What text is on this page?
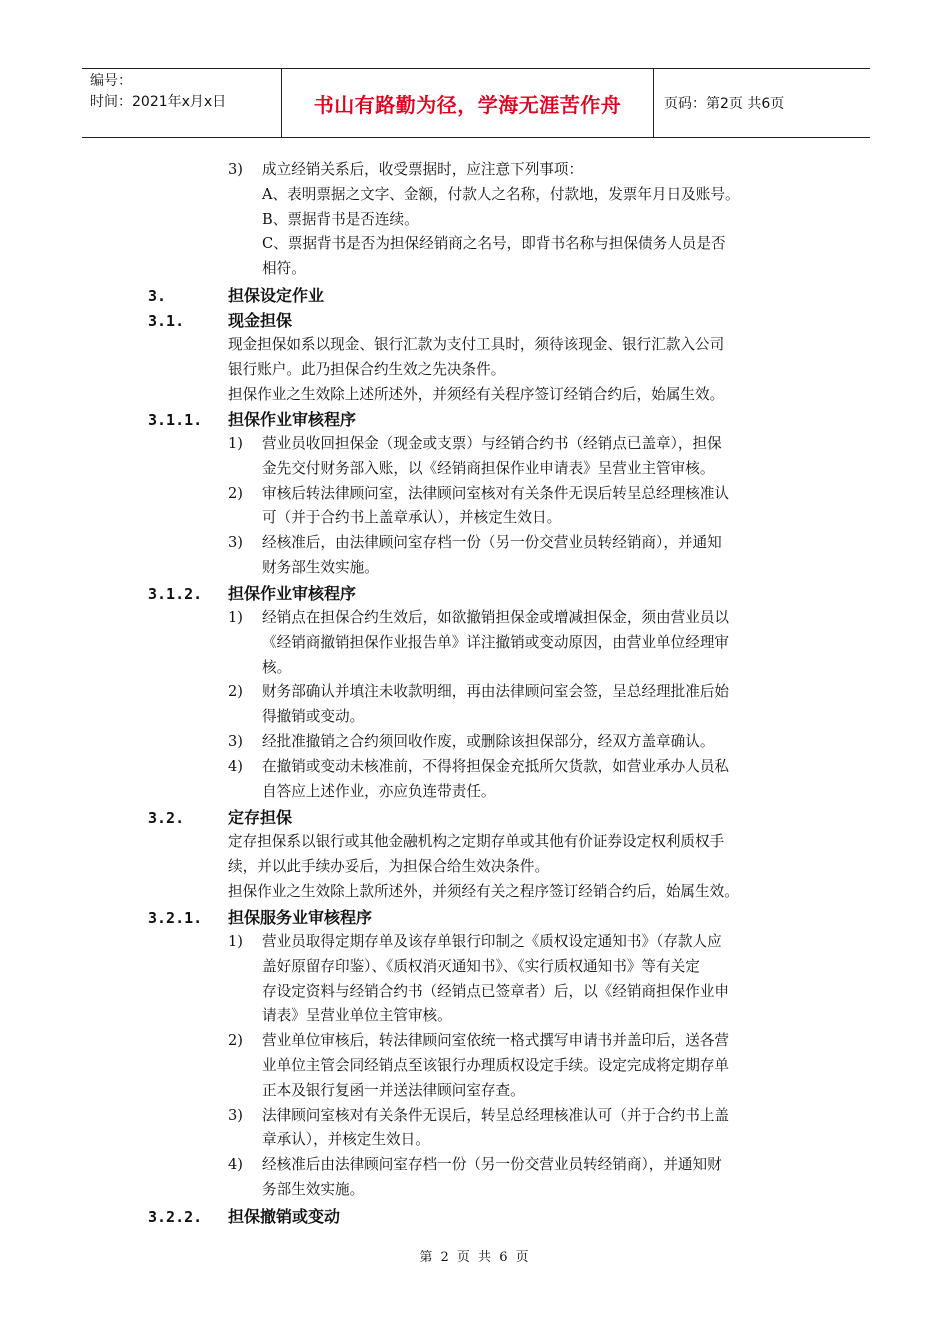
编号：
时间：2021年x月x日	书山有路勤为径，学海无涯苦作舟	页码：第2页 共6页
3) 成立经销关系后，收受票据时，应注意下列事项：
A、表明票据之文字、金额，付款人之名称，付款地，发票年月日及账号。
B、票据背书是否连续。
C、票据背书是否为担保经销商之名号，即背书名称与担保债务人员是否
相符。
3.	担保设定作业
3.1.	现金担保
现金担保如系以现金、银行汇款为支付工具时，须待该现金、银行汇款入公司
银行账户。此乃担保合约生效之先决条件。
担保作业之生效除上述所述外，并须经有关程序签订经销合约后，始属生效。
3.1.1. 担保作业审核程序
1) 营业员收回担保金（现金或支票）与经销合约书（经销点已盖章），担保
金先交付财务部入账，以《经销商担保作业申请表》呈营业主管审核。
2) 审核后转法律顾问室，法律顾问室核对有关条件无误后转呈总经理核准认
可（并于合约书上盖章承认），并核定生效日。
3) 经核准后，由法律顾问室存档一份（另一份交营业员转经销商），并通知
财务部生效实施。
3.1.2. 担保作业审核程序
1) 经销点在担保合约生效后，如欲撤销担保金或增减担保金，须由营业员以
《经销商撤销担保作业报告单》详注撤销或变动原因，由营业单位经理审
核。
2) 财务部确认并填注未收款明细，再由法律顾问室会签，呈总经理批准后始
得撤销或变动。
3) 经批准撤销之合约须回收作废，或删除该担保部分，经双方盖章确认。
4) 在撤销或变动未核准前，不得将担保金充抵所欠货款，如营业承办人员私
自答应上述作业，亦应负连带责任。
3.2.	定存担保
定存担保系以银行或其他金融机构之定期存单或其他有价证券设定权利质权手
续，并以此手续办妥后，为担保合给生效决条件。
担保作业之生效除上款所述外，并须经有关之程序签订经销合约后，始属生效。
3.2.1. 担保服务业审核程序
1) 营业员取得定期存单及该存单银行印制之《质权设定通知书》（存款人应
盖好原留存印鉴）、《质权消灭通知书》、《实行质权通知书》等有关定
存设定资料与经销合约书（经销点已签章者）后，以《经销商担保作业申
请表》呈营业单位主管审核。
2) 营业单位审核后，转法律顾问室依统一格式撰写申请书并盖印后，送各营
业单位主管会同经销点至该银行办理质权设定手续。设定完成将定期存单
正本及银行复函一并送法律顾问室存查。
3) 法律顾问室核对有关条件无误后，转呈总经理核准认可（并于合约书上盖
章承认），并核定生效日。
4) 经核准后由法律顾问室存档一份（另一份交营业员转经销商），并通知财
务部生效实施。
3.2.2. 担保撤销或变动
第 2 页 共 6 页
